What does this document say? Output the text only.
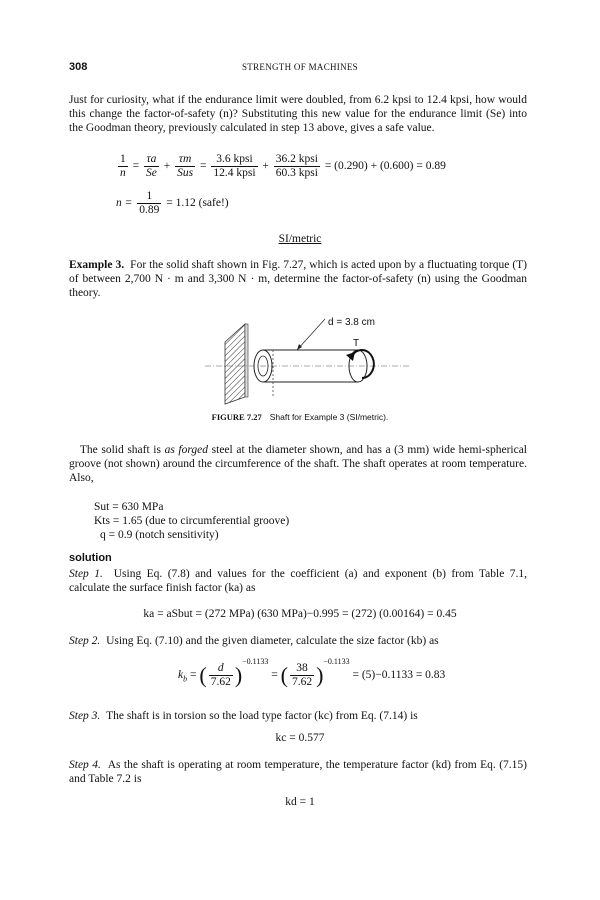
308	STRENGTH OF MACHINES

Just for curiosity, what if the endurance limit were doubled, from 6.2 kpsi to 12.4 kpsi, how would this change the factor-of-safety (n)? Substituting this new value for the endurance limit (Se) into the Goodman theory, previously calculated in step 13 above, gives a safe value.

$\frac{1}{n} = \frac{\tau a}{Se} + \frac{\tau m}{\text{Sus}} = \frac{\text{3.6 kpsi}}{\text{12.4 kpsi}} + \frac{\text{36.2 kpsi}}{\text{60.3 kpsi}} = (0.290) + (0.600) = 0.89$
$n = \frac{1}{0.89} = 1.12$ (safe!)
SI/metric

Example 3. For the solid shaft shown in Fig. 7.27, which is acted upon by a fluctuating torque (T) of between 2,700 N · m and 3,300 N · m, determine the factor-of-safety (n) using the Goodman theory.

d = 3.8 cm
T
FIGURE 7.27 Shaft for Example 3 (SI/metric).

The solid shaft is as forged steel at the diameter shown, and has a (3 mm) wide hemi-spherical groove (not shown) around the circumference of the shaft. The shaft operates at room temperature. Also,

Sut = 630 MPa
Kts = 1.65 (due to circumferential groove)
q = 0.9 (notch sensitivity)
solution

Step 1. Using Eq. (7.8) and values for the coefficient (a) and exponent (b) from Table 7.1, calculate the surface finish factor (ka) as

ka = aSbut = (272 MPa) (630 MPa)−0.995 = (272) (0.00164) = 0.45

Step 2. Using Eq. (7.10) and the given diameter, calculate the size factor (kb) as

$k_b$ = ( $\frac{d}{7.62} )^{-0.1133}$ = ( $\frac{38}{7.62} )^{-0.1133} = (5)-0.1133 = 0.83$

Step 3. The shaft is in torsion so the load type factor (kc) from Eq. (7.14) is

kc = 0.577

Step 4. As the shaft is operating at room temperature, the temperature factor (kd) from Eq. (7.15) and Table 7.2 is

kd = 1
